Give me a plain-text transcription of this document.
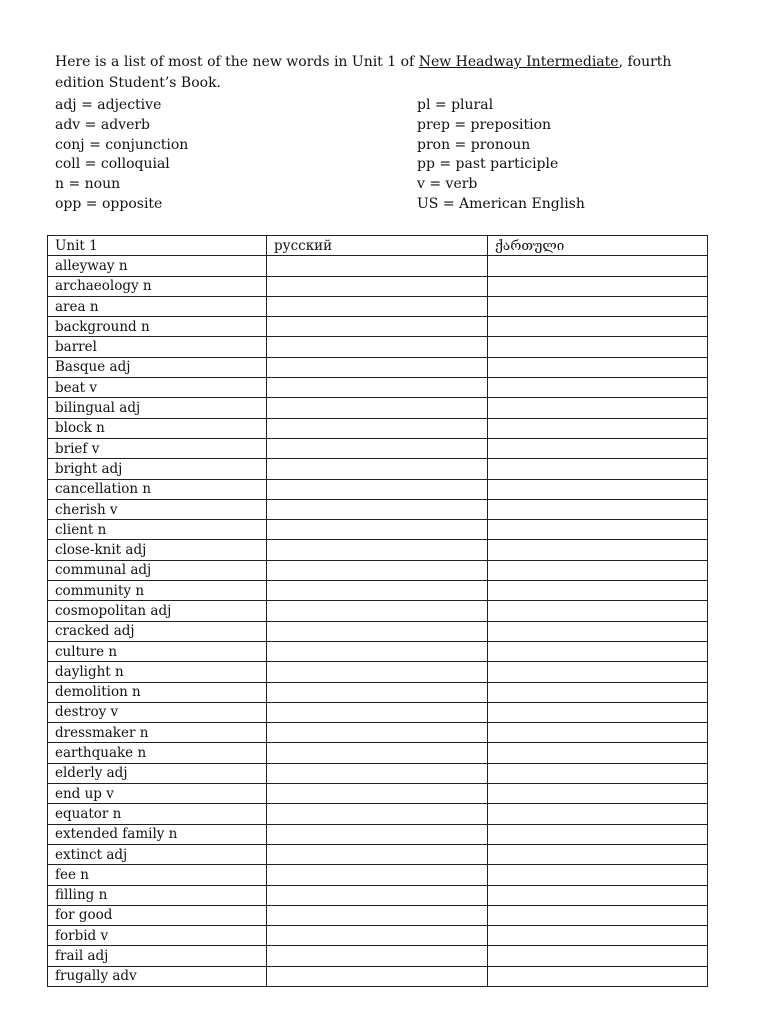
Here is a list of most of the new words in Unit 1 of New Headway Intermediate, fourth edition Student’s Book.

adj = adjective
adv = adverb
conj = conjunction
coll = colloquial
n = noun
opp = opposite
pl = plural
prep = preposition
pron = pronoun
pp = past participle
v = verb
US = American English
Unit 1	русский	ქართული
alleyway n		
archaeology n		
area n		
background n		
barrel		
Basque adj		
beat v		
bilingual adj		
block n		
brief v		
bright adj		
cancellation n		
cherish v		
client n		
close-knit adj		
communal adj		
community n		
cosmopolitan adj		
cracked adj		
culture n		
daylight n		
demolition n		
destroy v		
dressmaker n		
earthquake n		
elderly adj		
end up v		
equator n		
extended family n		
extinct adj		
fee n		
filling n		
for good		
forbid v		
frail adj		
frugally adv		
